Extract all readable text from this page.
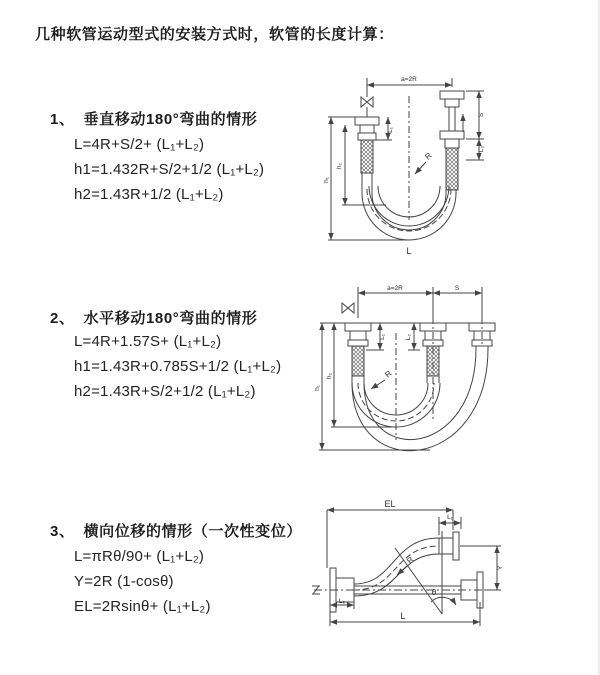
几种软管运动型式的安装方式时，软管的长度计算：
1、 垂直移动180°弯曲的情形
L=4R+S/2+ (L₁+L₂)
h1=1.432R+S/2+1/2 (L₁+L₂)
h2=1.43R+1/2 (L₁+L₂)
2、 水平移动180°弯曲的情形
L=4R+1.57S+ (L₁+L₂)
h1=1.43R+0.785S+1/2 (L₁+L₂)
h2=1.43R+S/2+1/2 (L₁+L₂)
3、 横向位移的情形（一次性变位）
L=πRθ/90+ (L₁+L₂)
Y=2R (1-cosθ)
EL=2Rsinθ+ (L₁+L₂)
a=2R
h₁
h₂
L₁
S
L₂
R
L
a=2R	S
h₁
h₂
L₁	L₂
R
EL
L₁
Y
L
L₂
R
θ
